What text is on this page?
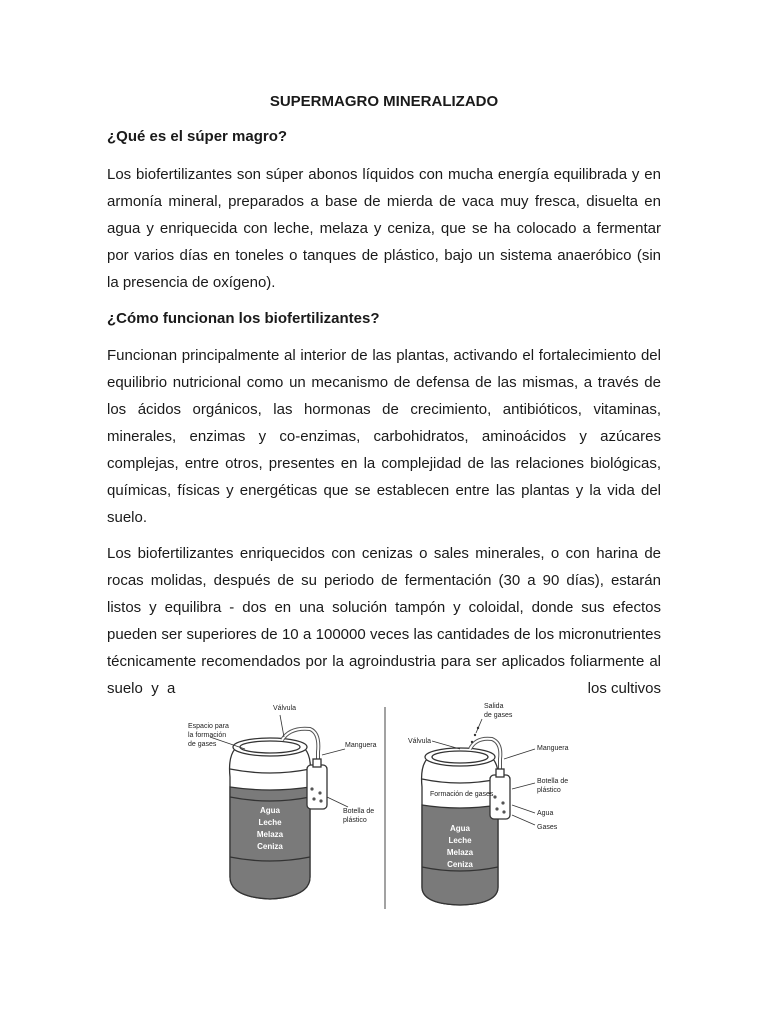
SUPERMAGRO MINERALIZADO
¿Qué es el súper magro?
Los biofertilizantes son súper abonos líquidos con mucha energía equilibrada y en
armonía mineral, preparados a base de mierda de vaca muy fresca, disuelta en
agua y enriquecida con leche, melaza y ceniza, que se ha colocado a fermentar
por varios días en toneles o tanques de plástico, bajo un sistema anaeróbico (sin
la presencia de oxígeno).
¿Cómo funcionan los biofertilizantes?
Funcionan principalmente al interior de las plantas, activando el fortalecimiento del
equilibrio nutricional como un mecanismo de defensa de las mismas, a través de
los ácidos orgánicos, las hormonas de crecimiento, antibióticos, vitaminas,
minerales, enzimas y co-enzimas, carbohidratos, aminoácidos y azúcares
complejas, entre otros, presentes en la complejidad de las relaciones biológicas,
químicas, físicas y energéticas que se establecen entre las plantas y la vida del
suelo.
Los biofertilizantes enriquecidos con cenizas o sales minerales, o con harina de
rocas molidas, después de su periodo de fermentación (30 a 90 días), estarán
listos y equilibra - dos en una solución tampón y coloidal, donde sus efectos
pueden ser superiores de 10 a 100000 veces las cantidades de los micronutrientes
técnicamente recomendados por la agroindustria para ser aplicados foliarmente al
suelo  y  a	los cultivos
Válvula
Espacio para
la formación
de gases	Manguera
Botella de
plástico
Agua
Leche
Melaza
Ceniza
Salida
de gases
Válvula
Manguera
Botella de
plástico
Formación de gases
Agua
Gases
Agua
Leche
Melaza
Ceniza
